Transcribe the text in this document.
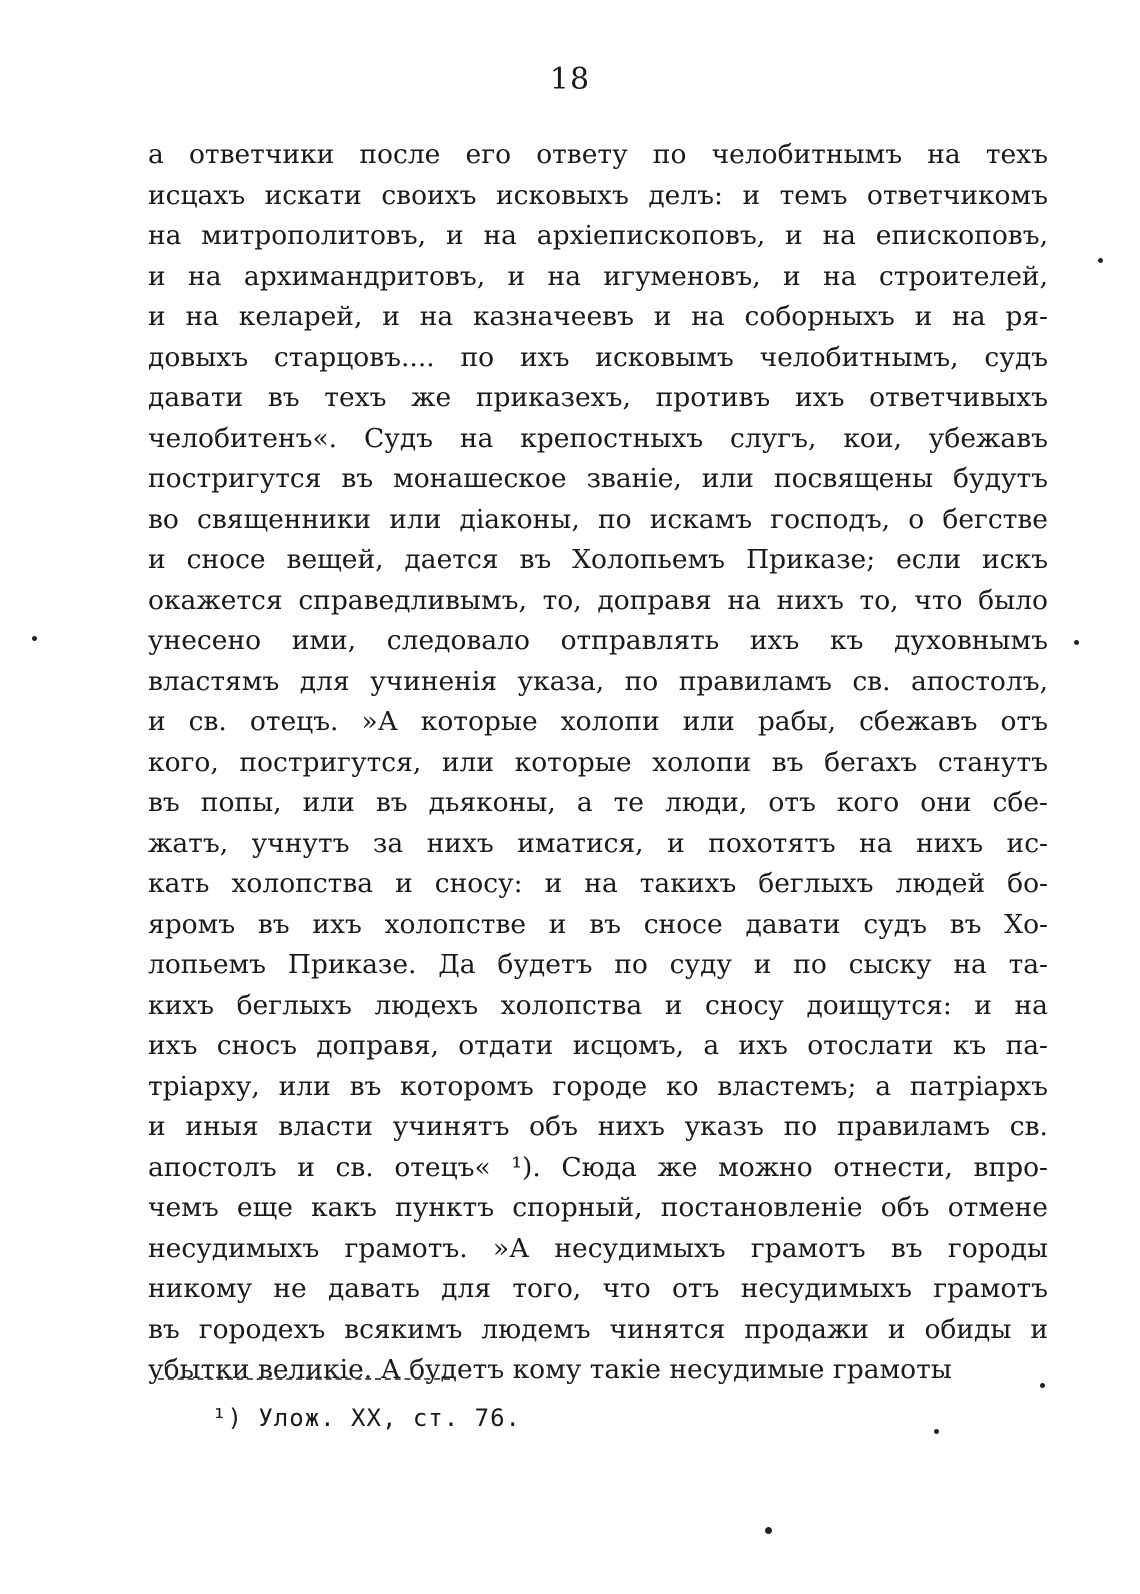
18
а ответчики после его ответу по челобитнымъ на техъ
исцахъ искати своихъ исковыхъ делъ: и темъ ответчикомъ
на митрополитовъ, и на архiепископовъ, и на епископовъ,
и на архимандритовъ, и на игуменовъ, и на строителей,
и на келарей, и на казначеевъ и на соборныхъ и на ря-
довыхъ старцовъ.... по ихъ исковымъ челобитнымъ, судъ
давати въ техъ же приказехъ, противъ ихъ ответчивыхъ
челобитенъ«. Судъ на крепостныхъ слугъ, кои, убежавъ
постригутся въ монашеское званiе, или посвящены будутъ
во священники или дiаконы, по искамъ господъ, о бегстве
и сносе вещей, дается въ Холопьемъ Приказе; если искъ
окажется справедливымъ, то, доправя на нихъ то, что было
унесено ими, следовало отправлять ихъ къ духовнымъ
властямъ для учиненiя указа, по правиламъ св. апостолъ,
и св. отецъ. »А которые холопи или рабы, сбежавъ отъ
кого, постригутся, или которые холопи въ бегахъ станутъ
въ попы, или въ дьяконы, а те люди, отъ кого они сбе-
жатъ, учнутъ за нихъ иматися, и похотятъ на нихъ ис-
кать холопства и сносу: и на такихъ беглыхъ людей бо-
яромъ въ ихъ холопстве и въ сносе давати судъ въ Хо-
лопьемъ Приказе. Да будетъ по суду и по сыску на та-
кихъ беглыхъ людехъ холопства и сносу доищутся: и на
ихъ сносъ доправя, отдати исцомъ, а ихъ отослати къ па-
трiарху, или въ которомъ городе ко властемъ; а патрiархъ
и иныя власти учинятъ объ нихъ указъ по правиламъ св.
апостолъ и св. отецъ« ¹). Сюда же можно отнести, впро-
чемъ еще какъ пунктъ спорный, постановленiе объ отмене
несудимыхъ грамотъ. »А несудимыхъ грамотъ въ городы
никому не давать для того, что отъ несудимыхъ грамотъ
въ городехъ всякимъ людемъ чинятся продажи и обиды и
убытки великiе. А будетъ кому такiе несудимые грамоты
¹) Улож. XX, ст. 76.
